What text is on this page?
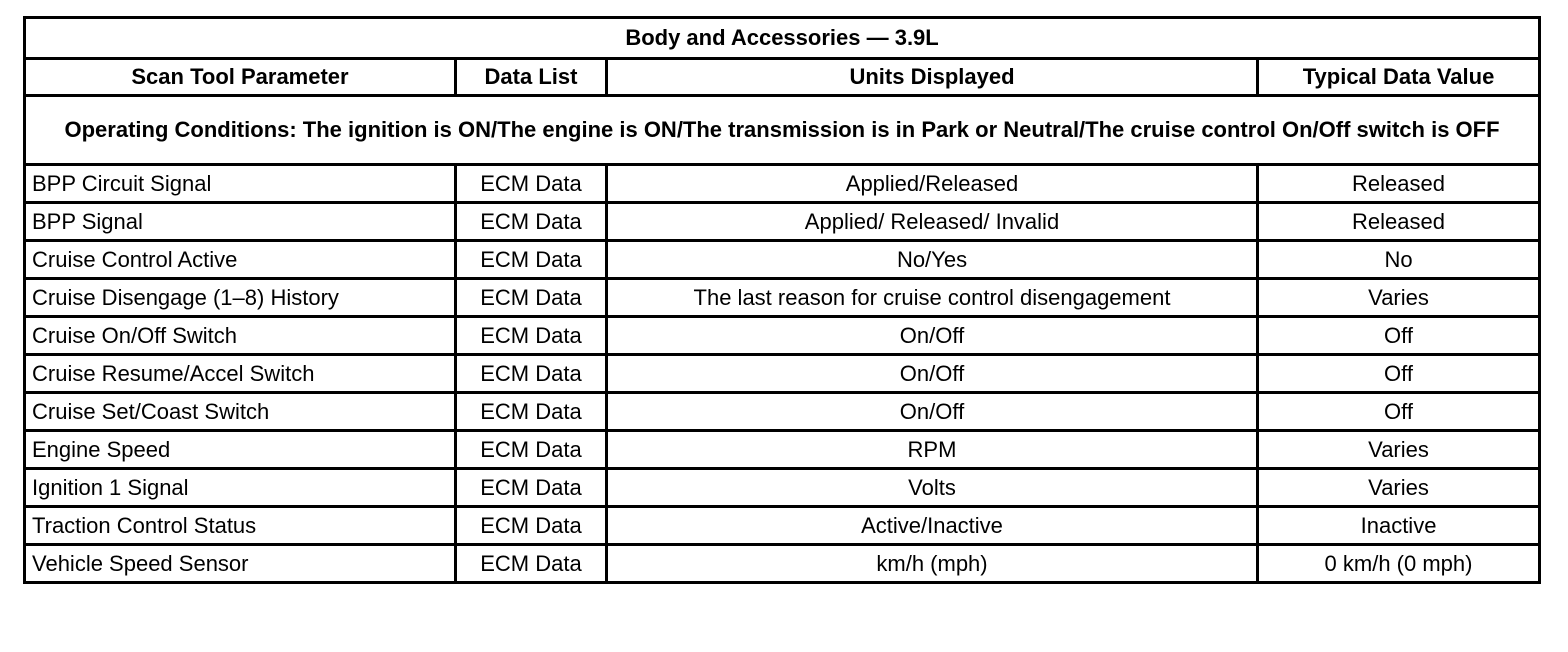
Body and Accessories — 3.9L			
Scan Tool Parameter	Data List	Units Displayed	Typical Data Value
Operating Conditions: The ignition is ON/The engine is ON/The transmission is in Park or Neutral/The cruise control On/Off switch is OFF			
BPP Circuit Signal	ECM Data	Applied/Released	Released
BPP Signal	ECM Data	Applied/ Released/ Invalid	Released
Cruise Control Active	ECM Data	No/Yes	No
Cruise Disengage (1–8) History	ECM Data	The last reason for cruise control disengagement	Varies
Cruise On/Off Switch	ECM Data	On/Off	Off
Cruise Resume/Accel Switch	ECM Data	On/Off	Off
Cruise Set/Coast Switch	ECM Data	On/Off	Off
Engine Speed	ECM Data	RPM	Varies
Ignition 1 Signal	ECM Data	Volts	Varies
Traction Control Status	ECM Data	Active/Inactive	Inactive
Vehicle Speed Sensor	ECM Data	km/h (mph)	0 km/h (0 mph)
